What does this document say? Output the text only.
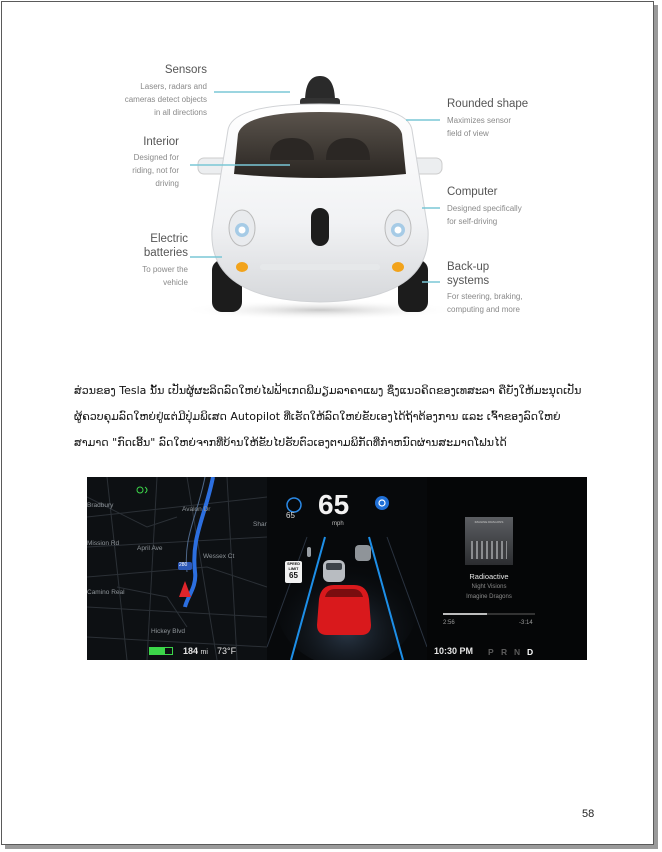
Sensors
Lasers, radars and
cameras detect objects
in all directions
Interior
Designed for
riding, not for
driving
Electric
batteries
To power the
vehicle
Rounded shape
Maximizes sensor
field of view
Computer
Designed specifically
for self-driving
Back-up
systems
For steering, braking,
computing and more
ສ່ວນຂອງ Tesla ນັ້ນ ເປັນຜູ້ຜະລິດລົດໃຫຍ່ໄຟຟ້າເກດພີມຽມລາຄາແພງ ຊຶ່ງແນວຄິດຂອງເທສະລາ ຄືຍັງໃຫ້ມະນຸດເປັນ
ຜູ້ຄວບຄຸມລົດໃຫຍ່ຢູ່ແຕ່ມີປຸ່ມພິເສດ Autopilot ທີ່ເຮັດໃຫ້ລົດໃຫຍ່ຂັບເອງໄດ້ຖ້າຕ້ອງການ ແລະ ເຈົ້າຂອງລົດໃຫຍ່
ສາມາດ "ກົດເອີ້ນ" ລົດໃຫຍ່ຈາກທີ່ບ້ານໃຫ້ຂັບໄປຮັບຕົວເອງຕາມພິກັດທີ່ກຳຫນົດຜ່ານສະມາດໂຟນໄດ້
Bradbury
Avalon Dr
Mission Rd
April Ave
Wessex Ct
Camino Real
Hickey Blvd
Shar
280
65 65
mph
SPEED
LIMIT
65
IMAGINE DRAGONS
Radioactive
Night Visions
Imagine Dragons
2:56	-3:14
184 mi 73°F	10:30 PM P R N D
58
